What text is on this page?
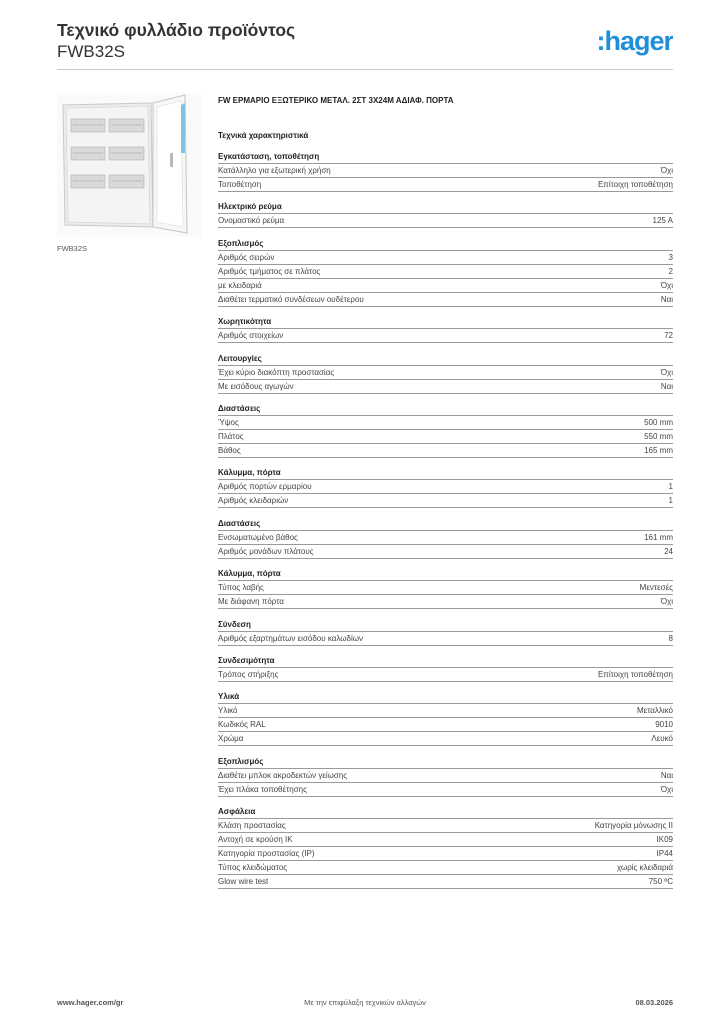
Τεχνικό φυλλάδιο προϊόντος
FWB32S	:hager
FWB32S
FW ΕΡΜΑΡΙΟ ΕΞΩΤΕΡΙΚΟ ΜΕΤΑΛ. 2ΣΤ 3Χ24Μ ΑΔΙΑΦ. ΠΟΡΤΑ
Τεχνικά χαρακτηριστικά
Εγκατάσταση, τοποθέτηση
Κατάλληλο για εξωτερική χρήση	Όχι
Τοποθέτηση	Επίτοιχη τοποθέτηση
Ηλεκτρικό ρεύμα
Ονομαστικό ρεύμα	125 A
Εξοπλισμός
Αριθμός σειρών	3
Αριθμός τμήματος σε πλάτος	2
με κλειδαριά	Όχι
Διαθέτει τερματικό συνδέσεων ουδέτερου	Ναι
Χωρητικότητα
Αριθμός στοιχείων	72
Λειτουργίες
Έχει κύριο διακόπτη προστασίας	Όχι
Με εισόδους αγωγών	Ναι
Διαστάσεις
Ύψος	500 mm
Πλάτος	550 mm
Βάθος	165 mm
Κάλυμμα, πόρτα
Αριθμός πορτών ερμαρίου	1
Αριθμός κλειδαριών	1
Διαστάσεις
Ενσωματωμένο βάθος	161 mm
Αριθμός μονάδων πλάτους	24
Κάλυμμα, πόρτα
Τύπος λαβής	Μεντεσές
Με διάφανη πόρτα	Όχι
Σύνδεση
Αριθμός εξαρτημάτων εισόδου καλωδίων	8
Συνδεσιμότητα
Τρόπος στήριξης	Επίτοιχη τοποθέτηση
Υλικά
Υλικό	Μεταλλικό
Κωδικός RAL	9010
Χρώμα	Λευκό
Εξοπλισμός
Διαθέτει μπλοκ ακροδεκτών γείωσης	Ναι
Έχει πλάκα τοποθέτησης	Όχι
Ασφάλεια
Κλάση προστασίας	Κατηγορία μόνωσης II
Αντοχή σε κρούση IK	IK09
Κατηγορία προστασίας (IP)	IP44
Τύπος κλειδώματος	χωρίς κλειδαριά
Glow wire test	750 ºC
www.hager.com/gr	Με την επιφύλαξη τεχνικών αλλαγών	08.03.2026
